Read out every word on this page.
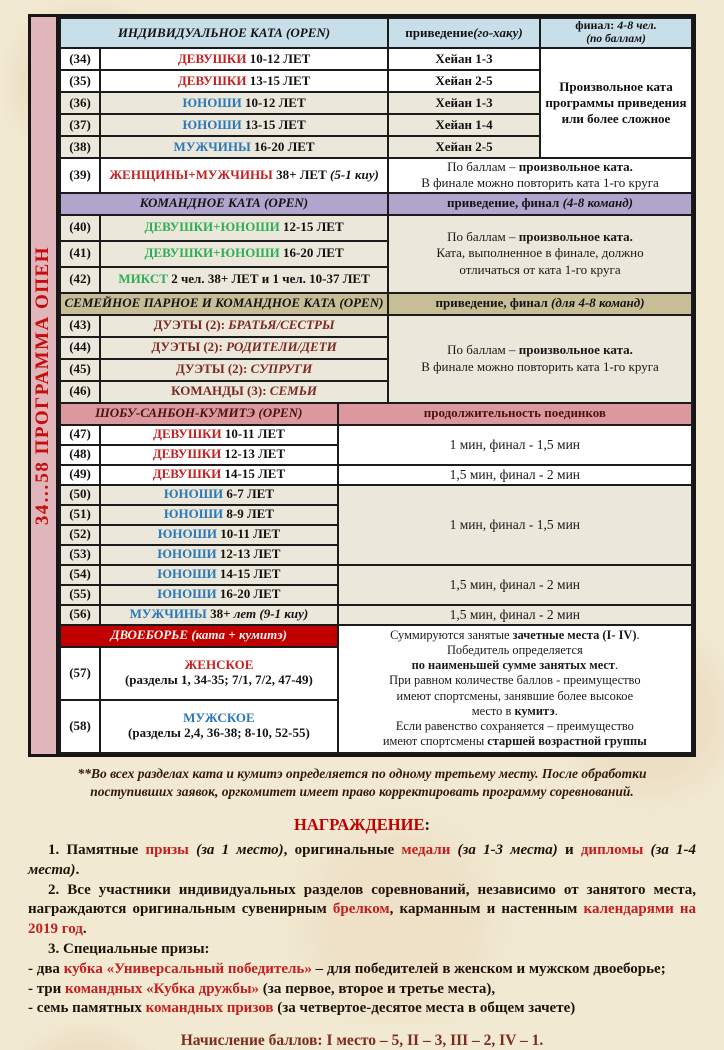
34…58 ПРОГРАММА ОПЕН
ИНДИВИДУАЛЬНОЕ КАТА (OPEN)			приведение(го-хаку)	финал: 4-8 чел.
(по баллам)

(34)	ДЕВУШКИ 10-12 ЛЕТ		Хейан 1-3	Произвольное ката программы приведения или более сложное
(35)	ДЕВУШКИ 13-15 ЛЕТ		Хейан 2-5	
(36)	ЮНОШИ 10-12 ЛЕТ		Хейан 1-3	
(37)	ЮНОШИ 13-15 ЛЕТ		Хейан 1-4	
(38)	МУЖЧИНЫ 16-20 ЛЕТ		Хейан 2-5	
(39)	ЖЕНЩИНЫ+МУЖЧИНЫ 38+ ЛЕТ (5-1 киу)		По баллам – произвольное ката.
В финале можно повторить ката 1-го круга	

КОМАНДНОЕ КАТА (OPEN)			приведение, финал (4-8 команд)	
(40)	ДЕВУШКИ+ЮНОШИ 12-15 ЛЕТ		По баллам – произвольное ката.
Ката, выполненное в финале, должно
отличаться от ката 1-го круга	

(41)	ДЕВУШКИ+ЮНОШИ 16-20 ЛЕТ			
(42)	МИКСТ 2 чел. 38+ ЛЕТ и 1 чел. 10-37 ЛЕТ			
СЕМЕЙНОЕ ПАРНОЕ И КОМАНДНОЕ КАТА (OPEN)			приведение, финал (для 4-8 команд)	
(43)	ДУЭТЫ (2): БРАТЬЯ/СЕСТРЫ		По баллам – произвольное ката.
В финале можно повторить ката 1-го круга	

(44)	ДУЭТЫ (2): РОДИТЕЛИ/ДЕТИ			
(45)	ДУЭТЫ (2): СУПРУГИ			
(46)	КОМАНДЫ (3): СЕМЬИ			
ШОБУ-САНБОН-КУМИТЭ (OPEN)		продолжительность поединков		
(47)	ДЕВУШКИ 10-11 ЛЕТ	1 мин, финал - 1,5 мин		
(48)	ДЕВУШКИ 12-13 ЛЕТ			
(49)	ДЕВУШКИ 14-15 ЛЕТ	1,5 мин, финал - 2 мин		
(50)	ЮНОШИ 6-7 ЛЕТ	1 мин, финал - 1,5 мин		
(51)	ЮНОШИ 8-9 ЛЕТ			
(52)	ЮНОШИ 10-11 ЛЕТ			
(53)	ЮНОШИ 12-13 ЛЕТ			
(54)	ЮНОШИ 14-15 ЛЕТ	1,5 мин, финал - 2 мин		
(55)	ЮНОШИ 16-20 ЛЕТ			
(56)	МУЖЧИНЫ 38+ лет (9-1 киу)	1,5 мин, финал - 2 мин		
ДВОЕБОРЬЕ (ката + кумитэ)	Суммируются занятые зачетные места (I- IV).
Победитель определяется
по наименьшей сумме занятых мест.
При равном количестве баллов - преимущество
имеют спортсмены, занявшие более высокое
место в кумитэ.
Если равенство сохраняется – преимущество
имеют спортсмены старшей возрастной группы

(57)	ЖЕНСКОЕ
(разделы 1, 34-35; 7/1, 7/2, 47-49)			

(58)	МУЖСКОЕ
(разделы 2,4, 36-38; 8-10, 52-55)			
**Во всех разделах ката и кумитэ определяется по одному третьему месту. После обработки поступивших заявок, оргкомитет имеет право корректировать программу соревнований.
НАГРАЖДЕНИЕ:

1. Памятные призы (за 1 место), оригинальные медали (за 1-3 места) и дипломы (за 1-4 места).

2. Все участники индивидуальных разделов соревнований, независимо от занятого места, награждаются оригинальным сувенирным брелком, карманным и настенным календарями на 2019 год.

3. Специальные призы:

- два кубка «Универсальный победитель» – для победителей в женском и мужском двоеборье;

- три командных «Кубка дружбы» (за первое, второе и третье места),

- семь памятных командных призов (за четвертое-десятое места в общем зачете)

Начисление баллов: I место – 5, II – 3, III – 2, IV – 1.
